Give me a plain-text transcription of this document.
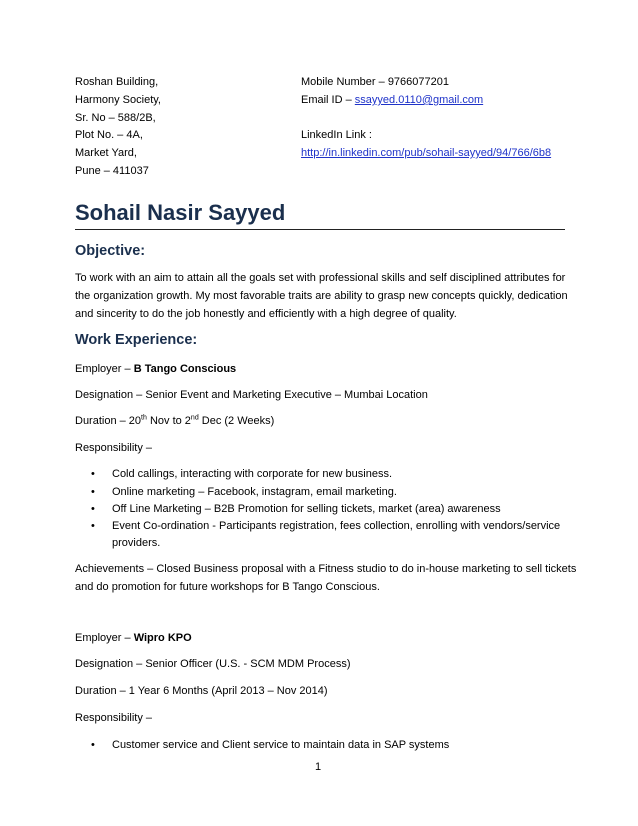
Roshan Building,
Harmony Society,
Sr. No – 588/2B,
Plot No. – 4A,
Market Yard,
Pune – 411037
Mobile Number – 9766077201
Email ID – ssayyed.0110@gmail.com
LinkedIn Link :
http://in.linkedin.com/pub/sohail-sayyed/94/766/6b8
Sohail Nasir Sayyed
Objective:
To work with an aim to attain all the goals set with professional skills and self disciplined attributes for
the organization growth. My most favorable traits are ability to grasp new concepts quickly, dedication
and sincerity to do the job honestly and efficiently with a high degree of quality.
Work Experience:
Employer – B Tango Conscious
Designation – Senior Event and Marketing Executive – Mumbai Location
Duration – 20th Nov to 2nd Dec (2 Weeks)
Responsibility –
• Cold callings, interacting with corporate for new business.
• Online marketing – Facebook, instagram, email marketing.
• Off Line Marketing – B2B Promotion for selling tickets, market (area) awareness
• Event Co-ordination - Participants registration, fees collection, enrolling with vendors/service
providers.
Achievements – Closed Business proposal with a Fitness studio to do in-house marketing to sell tickets
and do promotion for future workshops for B Tango Conscious.
Employer – Wipro KPO
Designation – Senior Officer (U.S. - SCM MDM Process)
Duration – 1 Year 6 Months (April 2013 – Nov 2014)
Responsibility –
• Customer service and Client service to maintain data in SAP systems
1
